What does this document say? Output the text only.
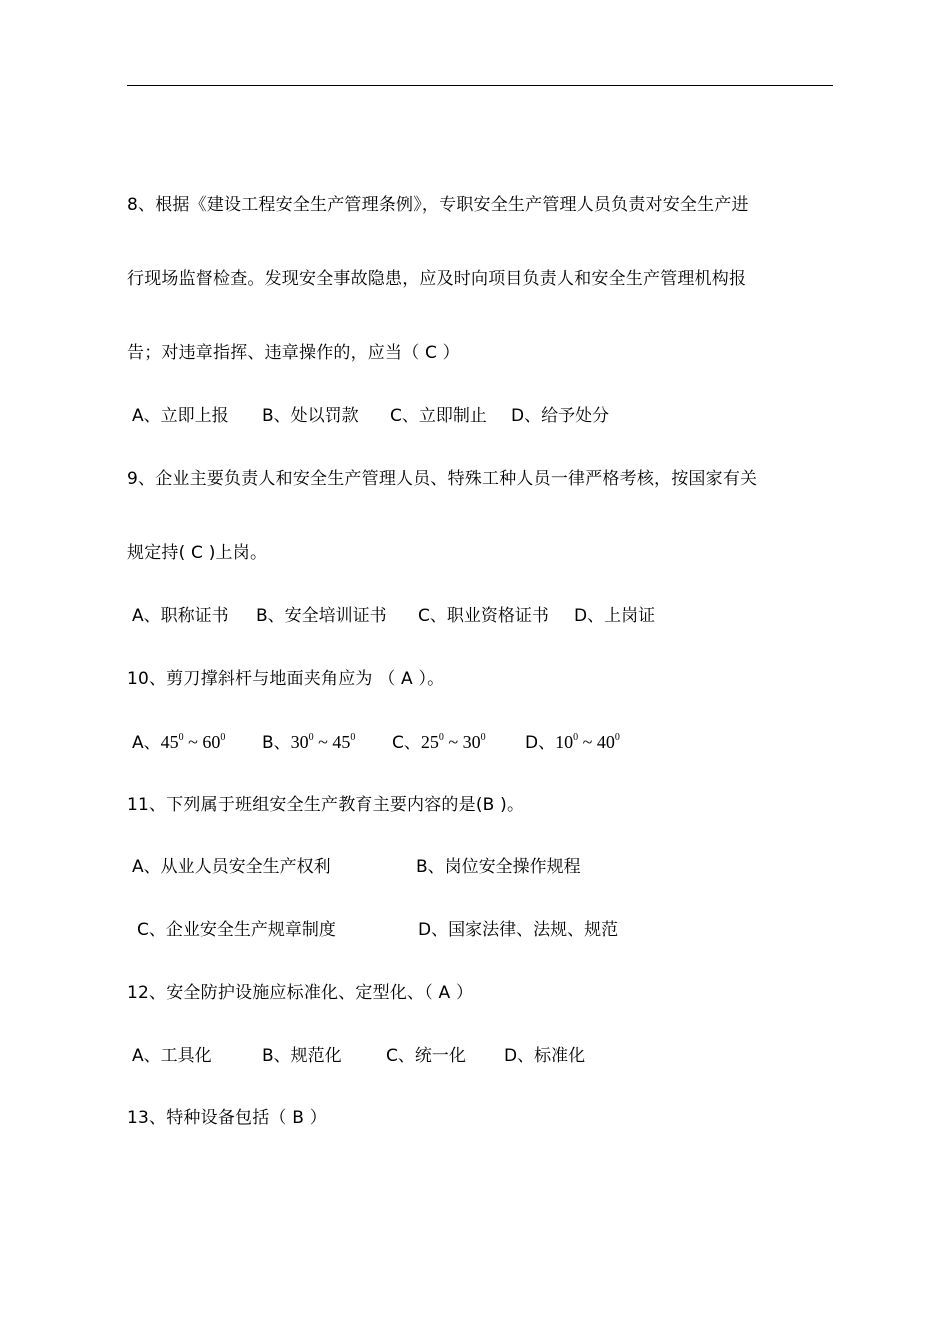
8、根据《建设工程安全生产管理条例》，专职安全生产管理人员负责对安全生产进
行现场监督检查。发现安全事故隐患，应及时向项目负责人和安全生产管理机构报
告；对违章指挥、违章操作的，应当（ C ）
A、立即上报 B、处以罚款 C、立即制止 D、给予处分
9、企业主要负责人和安全生产管理人员、特殊工种人员一律严格考核，按国家有关
规定持( C )上岗。
A、职称证书 B、安全培训证书 C、职业资格证书 D、上岗证
10、剪刀撑斜杆与地面夹角应为 （ A ）。
A、$45^0$ ~ $60^0$ B、$30^0$ ~ $45^0$ C、$25^0$ ~ $30^0$ D、$10^0$ ~ $40^0$
11、下列属于班组安全生产教育主要内容的是(B )。
A、从业人员安全生产权利	B、岗位安全操作规程
C、企业安全生产规章制度	D、国家法律、法规、规范
12、安全防护设施应标准化、定型化、（ A ）
A、工具化	B、规范化	C、统一化 D、标准化
13、特种设备包括（ B ）
